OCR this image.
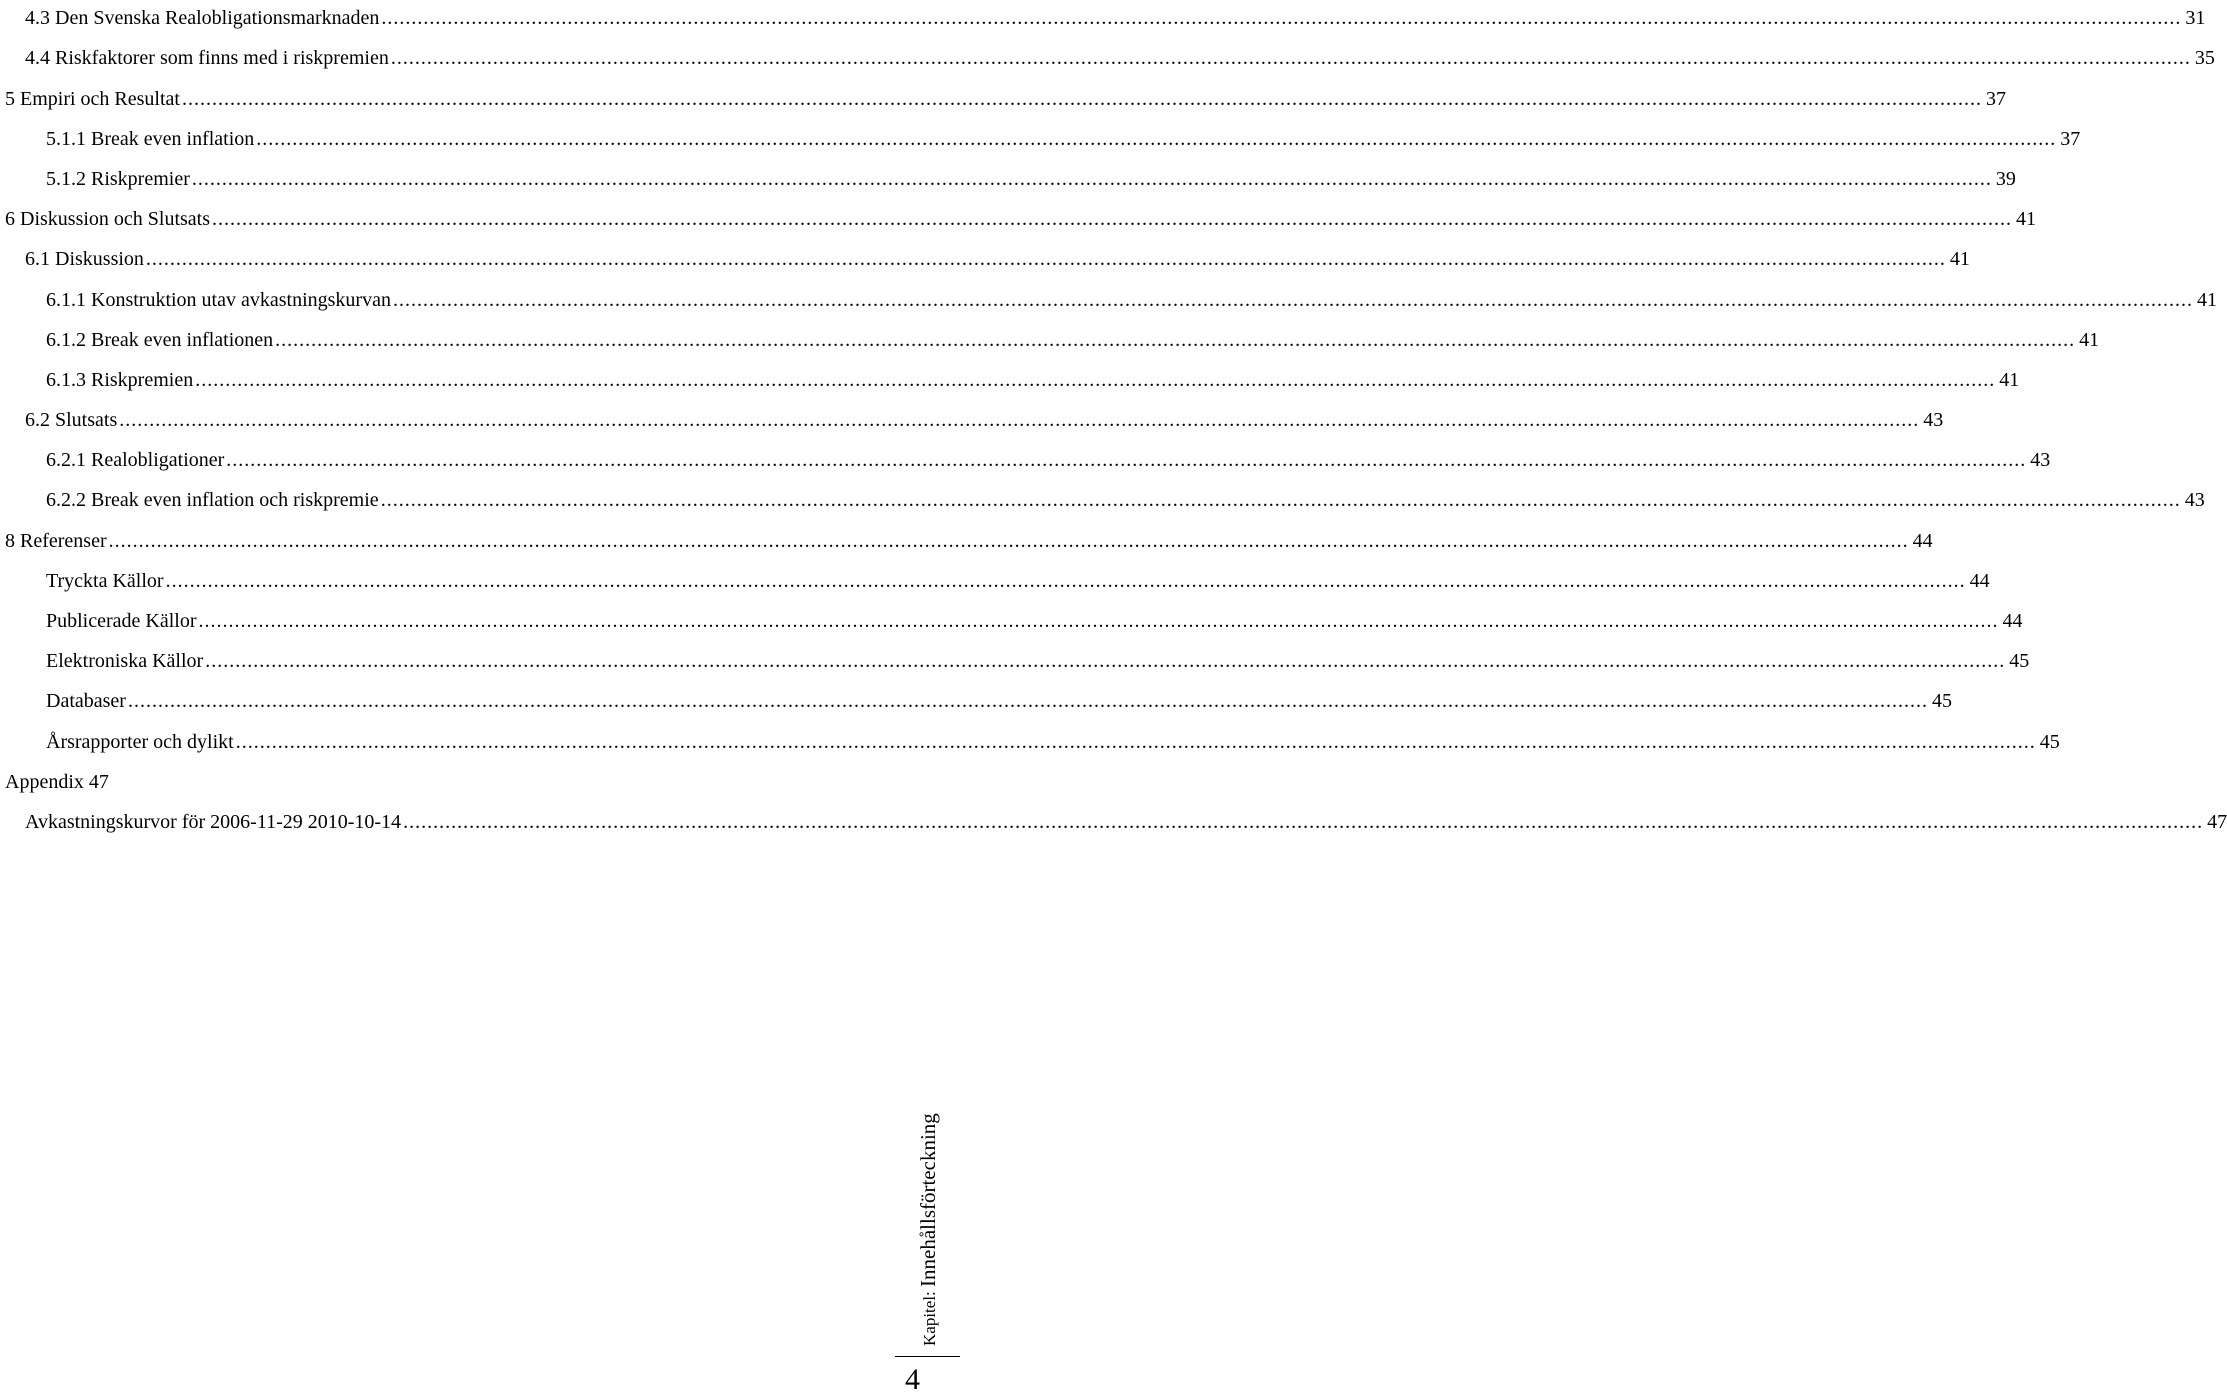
4.3 Den Svenska Realobligationsmarknaden ............................................................................................................................................................................................................................................................................................................ 31
4.4 Riskfaktorer som finns med i riskpremien ............................................................................................................................................................................................................................................................................................................ 35
5 Empiri och Resultat ............................................................................................................................................................................................................................................................................................................ 37
5.1.1 Break even inflation ............................................................................................................................................................................................................................................................................................................ 37
5.1.2 Riskpremier ............................................................................................................................................................................................................................................................................................................ 39
6 Diskussion och Slutsats ............................................................................................................................................................................................................................................................................................................ 41
6.1 Diskussion ............................................................................................................................................................................................................................................................................................................ 41
6.1.1 Konstruktion utav avkastningskurvan ............................................................................................................................................................................................................................................................................................................ 41
6.1.2 Break even inflationen ............................................................................................................................................................................................................................................................................................................ 41
6.1.3 Riskpremien ............................................................................................................................................................................................................................................................................................................ 41
6.2 Slutsats ............................................................................................................................................................................................................................................................................................................ 43
6.2.1 Realobligationer ............................................................................................................................................................................................................................................................................................................ 43
6.2.2 Break even inflation och riskpremie ............................................................................................................................................................................................................................................................................................................ 43
8 Referenser ............................................................................................................................................................................................................................................................................................................ 44
Tryckta Källor ............................................................................................................................................................................................................................................................................................................ 44
Publicerade Källor ............................................................................................................................................................................................................................................................................................................ 44
Elektroniska Källor ............................................................................................................................................................................................................................................................................................................ 45
Databaser ............................................................................................................................................................................................................................................................................................................ 45
Årsrapporter och dylikt ............................................................................................................................................................................................................................................................................................................ 45
Appendix 47
Avkastningskurvor för 2006-11-29 2010-10-14 ............................................................................................................................................................................................................................................................................................................ 47
Kapitel: Innehållsförteckning
4
